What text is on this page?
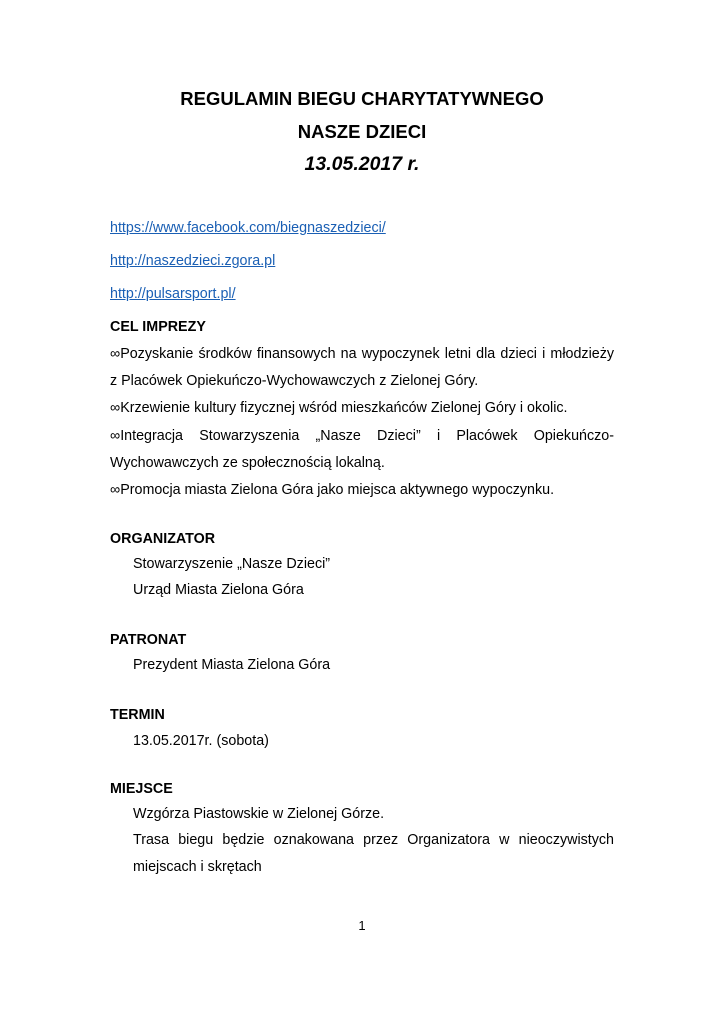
REGULAMIN BIEGU CHARYTATYWNEGO
NASZE DZIECI
13.05.2017 r.
https://www.facebook.com/biegnaszedzieci/
http://naszedzieci.zgora.pl
http://pulsarsport.pl/
CEL IMPREZY
∞Pozyskanie środków finansowych na wypoczynek letni dla dzieci i młodzieży
z Placówek Opiekuńczo-Wychowawczych z Zielonej Góry.
∞Krzewienie kultury fizycznej wśród mieszkańców Zielonej Góry i okolic.
∞Integracja Stowarzyszenia „Nasze Dzieci” i Placówek Opiekuńczo-
Wychowawczych ze społecznością lokalną.
∞Promocja miasta Zielona Góra jako miejsca aktywnego wypoczynku.
ORGANIZATOR
Stowarzyszenie „Nasze Dzieci”
Urząd Miasta Zielona Góra
PATRONAT
Prezydent Miasta Zielona Góra
TERMIN
13.05.2017r. (sobota)
MIEJSCE
Wzgórza Piastowskie w Zielonej Górze.
Trasa biegu będzie oznakowana przez Organizatora w nieoczywistych
miejscach i skrętach
1
